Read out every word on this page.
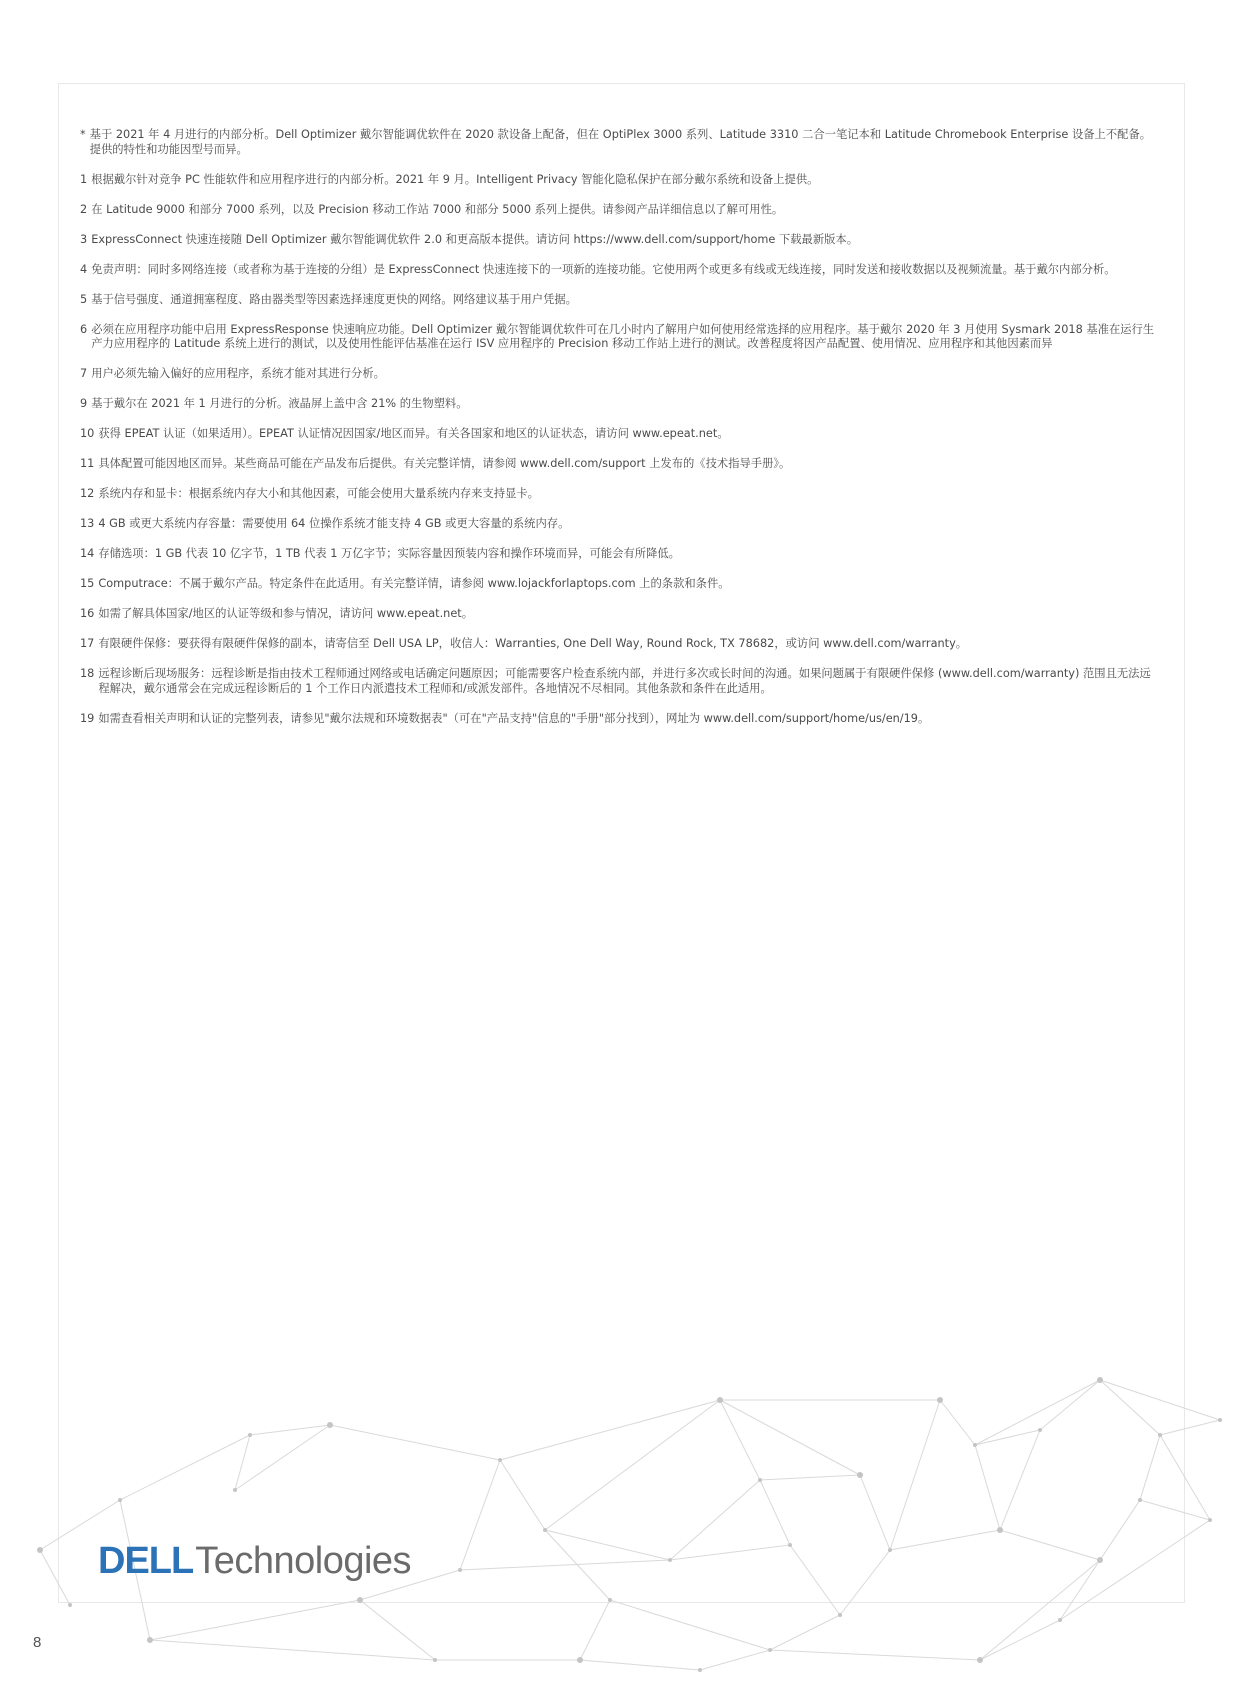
* 基于 2021 年 4 月进行的内部分析。Dell Optimizer 戴尔智能调优软件在 2020 款设备上配备，但在 OptiPlex 3000 系列、Latitude 3310 二合一笔记本和 Latitude Chromebook Enterprise 设备上不配备。提供的特性和功能因型号而异。
1 根据戴尔针对竞争 PC 性能软件和应用程序进行的内部分析。2021 年 9 月。Intelligent Privacy 智能化隐私保护在部分戴尔系统和设备上提供。
2 在 Latitude 9000 和部分 7000 系列，以及 Precision 移动工作站 7000 和部分 5000 系列上提供。请参阅产品详细信息以了解可用性。
3 ExpressConnect 快速连接随 Dell Optimizer 戴尔智能调优软件 2.0 和更高版本提供。请访问 https://www.dell.com/support/home 下载最新版本。
4 免责声明：同时多网络连接（或者称为基于连接的分组）是 ExpressConnect 快速连接下的一项新的连接功能。它使用两个或更多有线或无线连接，同时发送和接收数据以及视频流量。基于戴尔内部分析。
5 基于信号强度、通道拥塞程度、路由器类型等因素选择速度更快的网络。网络建议基于用户凭据。
6 必须在应用程序功能中启用 ExpressResponse 快速响应功能。Dell Optimizer 戴尔智能调优软件可在几小时内了解用户如何使用经常选择的应用程序。基于戴尔 2020 年 3 月使用 Sysmark 2018 基准在运行生产力应用程序的 Latitude 系统上进行的测试，以及使用性能评估基准在运行 ISV 应用程序的 Precision 移动工作站上进行的测试。改善程度将因产品配置、使用情况、应用程序和其他因素而异
7 用户必须先输入偏好的应用程序，系统才能对其进行分析。
9 基于戴尔在 2021 年 1 月进行的分析。液晶屏上盖中含 21% 的生物塑料。
10 获得 EPEAT 认证（如果适用）。EPEAT 认证情况因国家/地区而异。有关各国家和地区的认证状态，请访问 www.epeat.net。
11 具体配置可能因地区而异。某些商品可能在产品发布后提供。有关完整详情，请参阅 www.dell.com/support 上发布的《技术指导手册》。
12 系统内存和显卡：根据系统内存大小和其他因素，可能会使用大量系统内存来支持显卡。
13 4 GB 或更大系统内存容量：需要使用 64 位操作系统才能支持 4 GB 或更大容量的系统内存。
14 存储选项：1 GB 代表 10 亿字节，1 TB 代表 1 万亿字节；实际容量因预装内容和操作环境而异，可能会有所降低。
15 Computrace：不属于戴尔产品。特定条件在此适用。有关完整详情，请参阅 www.lojackforlaptops.com 上的条款和条件。
16 如需了解具体国家/地区的认证等级和参与情况，请访问 www.epeat.net。
17 有限硬件保修：要获得有限硬件保修的副本，请寄信至 Dell USA LP，收信人：Warranties, One Dell Way, Round Rock, TX 78682，或访问 www.dell.com/warranty。
18 远程诊断后现场服务：远程诊断是指由技术工程师通过网络或电话确定问题原因；可能需要客户检查系统内部，并进行多次或长时间的沟通。如果问题属于有限硬件保修 (www.dell.com/warranty) 范围且无法远程解决，戴尔通常会在完成远程诊断后的 1 个工作日内派遣技术工程师和/或派发部件。各地情况不尽相同。其他条款和条件在此适用。
19 如需查看相关声明和认证的完整列表，请参见"戴尔法规和环境数据表"（可在"产品支持"信息的"手册"部分找到），网址为 www.dell.com/support/home/us/en/19。
DELL Technologies
8
